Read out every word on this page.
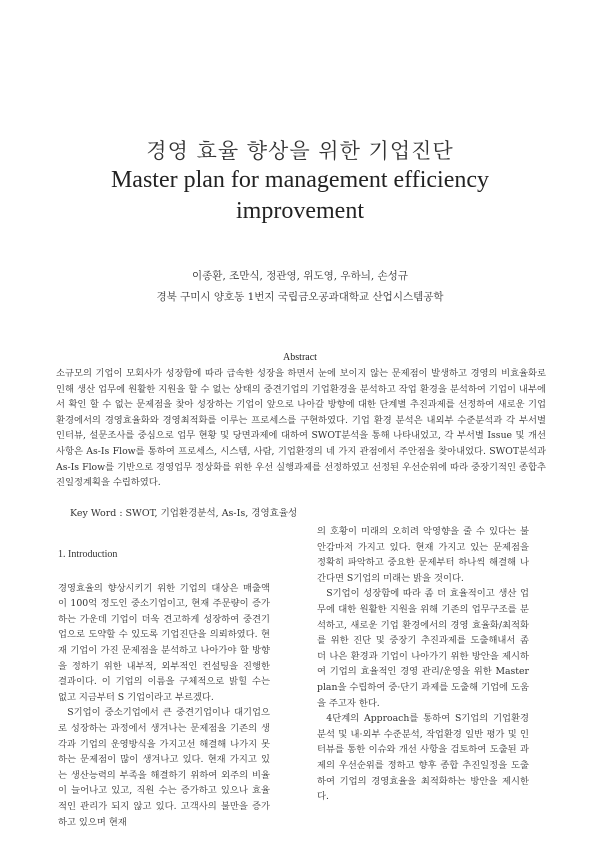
경영 효율 향상을 위한 기업진단
Master plan for management efficiency improvement
이종환, 조만식, 정관영, 위도영, 우하늬, 손성규
경북 구미시 양호동 1번지 국립금오공과대학교 산업시스템공학
Abstract
소규모의 기업이 모회사가 성장함에 따라 급속한 성장을 하면서 눈에 보이지 않는 문제점이 발생하고 경영의 비효율화로 인해 생산 업무에 원활한 지원을 할 수 없는 상태의 중견기업의 기업환경을 분석하고 작업 환경을 분석하여 기업이 내부에서 확인 할 수 없는 문제점을 찾아 성장하는 기업이 앞으로 나아갈 방향에 대한 단계별 추진과제를 선정하여 새로운 기업환경에서의 경영효율화와 경영최적화를 이루는 프로세스를 구현하였다. 기업 환경 분석은 내외부 수준분석과 각 부서별 인터뷰, 설문조사를 중심으로 업무 현황 및 당면과제에 대하여 SWOT분석을 통해 나타내었고, 각 부서별 Issue 및 개선 사항은 As-Is Flow를 통하여 프로세스, 시스템, 사람, 기업환경의 네 가지 관점에서 주안점을 찾아내었다. SWOT분석과 As-Is Flow를 기반으로 경영업무 정상화를 위한 우선 실행과제를 선정하였고 선정된 우선순위에 따라 중장기적인 종합추진일정계획을 수립하였다.
Key Word : SWOT, 기업환경분석, As-Is, 경영효율성
1. Introduction

경영효율의 향상시키기 위한 기업의 대상은 매출액이 100억 정도인 중소기업이고, 현재 주문량이 증가하는 가운데 기업이 더욱 견고하게 성장하여 중견기업으로 도약할 수 있도록 기업진단을 의뢰하였다. 현재 기업이 가진 문제점을 분석하고 나아가야 할 방향을 정하기 위한 내부적, 외부적인 컨설팅을 진행한 결과이다. 이 기업의 이름을 구체적으로 밝힐 수는 없고 지금부터 S 기업이라고 부르겠다.

S기업이 중소기업에서 큰 중견기업이나 대기업으로 성장하는 과정에서 생겨나는 문제점을 기존의 생각과 기업의 운영방식을 가지고선 해결해 나가지 못하는 문제점이 많이 생겨나고 있다. 현재 가지고 있는 생산능력의 부족을 해결하기 위하여 외주의 비율이 늘어나고 있고, 직원 수는 증가하고 있으나 효율적인 관리가 되지 않고 있다. 고객사의 불만을 증가하고 있으며 현재

의 호황이 미래의 오히려 악영향을 줄 수 있다는 불안감마저 가지고 있다. 현재 가지고 있는 문제점을 정확히 파악하고 중요한 문제부터 하나씩 해결해 나간다면 S기업의 미래는 밝을 것이다.

S기업이 성장함에 따라 좀 더 효율적이고 생산 업무에 대한 원활한 지원을 위해 기존의 업무구조를 분석하고, 새로운 기업 환경에서의 경영 효율화/최적화를 위한 진단 및 중장기 추진과제를 도출해내서 좀 더 나은 환경과 기업이 나아가기 위한 방안을 제시하여 기업의 효율적인 경영 관리/운영을 위한 Master plan을 수립하여 중·단기 과제를 도출해 기업에 도움을 주고자 한다.

4단계의 Approach를 통하여 S기업의 기업환경 분석 및 내·외부 수준분석, 작업환경 일반 평가 및 인터뷰를 통한 이슈와 개선 사항을 검토하여 도출된 과제의 우선순위를 정하고 향후 종합 추진일정을 도출하여 기업의 경영효율을 최적화하는 방안을 제시한다.
